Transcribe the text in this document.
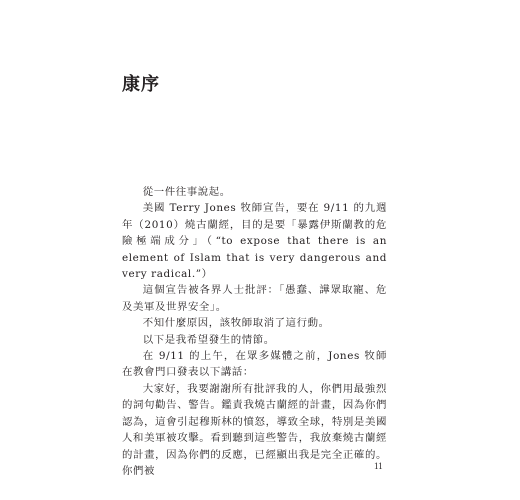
康序

從一件往事說起。

美國 Terry Jones 牧師宣告，要在 9/11 的九週年（2010）燒古蘭經，目的是要「暴露伊斯蘭教的危險極端成分」（“to expose that there is an element of Islam that is very dangerous and very radical.”）

這個宣告被各界人士批評：「愚蠢、譁眾取寵、危及美軍及世界安全」。

不知什麼原因，該牧師取消了這行動。

以下是我希望發生的情節。

在 9/11 的上午，在眾多媒體之前，Jones 牧師在教會門口發表以下講話：

大家好，我要謝謝所有批評我的人，你們用最強烈的詞句勸告、警告。鑑責我燒古蘭經的計畫，因為你們認為，這會引起穆斯林的憤怒，導致全球，特別是美國人和美軍被攻擊。看到聽到這些警告，我放棄燒古蘭經的計畫，因為你們的反應，已經顯出我是完全正確的。你們被	11
